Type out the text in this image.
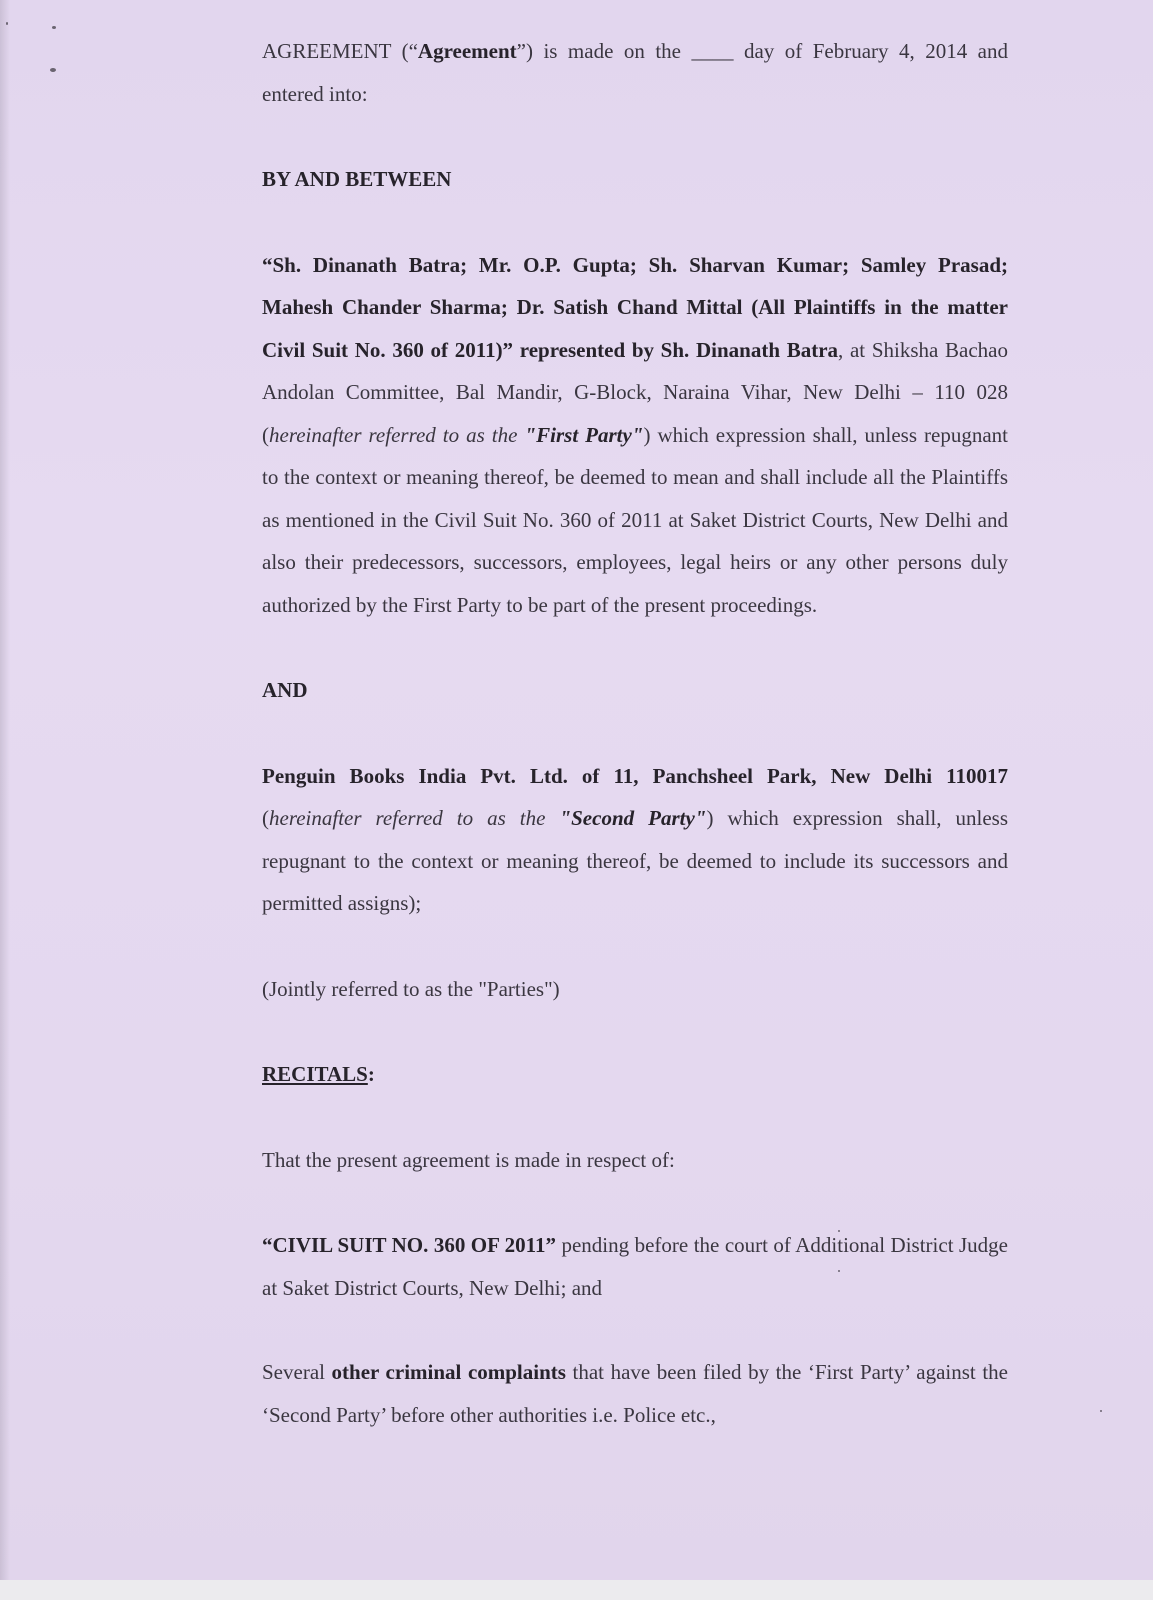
AGREEMENT (“Agreement”) is made on the ____ day of February 4, 2014 and entered into:

BY AND BETWEEN

“Sh. Dinanath Batra; Mr. O.P. Gupta; Sh. Sharvan Kumar; Samley Prasad; Mahesh Chander Sharma; Dr. Satish Chand Mittal (All Plaintiffs in the matter Civil Suit No. 360 of 2011)” represented by Sh. Dinanath Batra, at Shiksha Bachao Andolan Committee, Bal Mandir, G-Block, Naraina Vihar, New Delhi – 110 028 (hereinafter referred to as the "First Party") which expression shall, unless repugnant to the context or meaning thereof, be deemed to mean and shall include all the Plaintiffs as mentioned in the Civil Suit No. 360 of 2011 at Saket District Courts, New Delhi and also their predecessors, successors, employees, legal heirs or any other persons duly authorized by the First Party to be part of the present proceedings.

AND

Penguin Books India Pvt. Ltd. of 11, Panchsheel Park, New Delhi 110017 (hereinafter referred to as the "Second Party") which expression shall, unless repugnant to the context or meaning thereof, be deemed to include its successors and permitted assigns);

(Jointly referred to as the "Parties")

RECITALS:

That the present agreement is made in respect of:

“CIVIL SUIT NO. 360 OF 2011” pending before the court of Additional District Judge at Saket District Courts, New Delhi; and

Several other criminal complaints that have been filed by the ‘First Party’ against the ‘Second Party’ before other authorities i.e. Police etc.,
